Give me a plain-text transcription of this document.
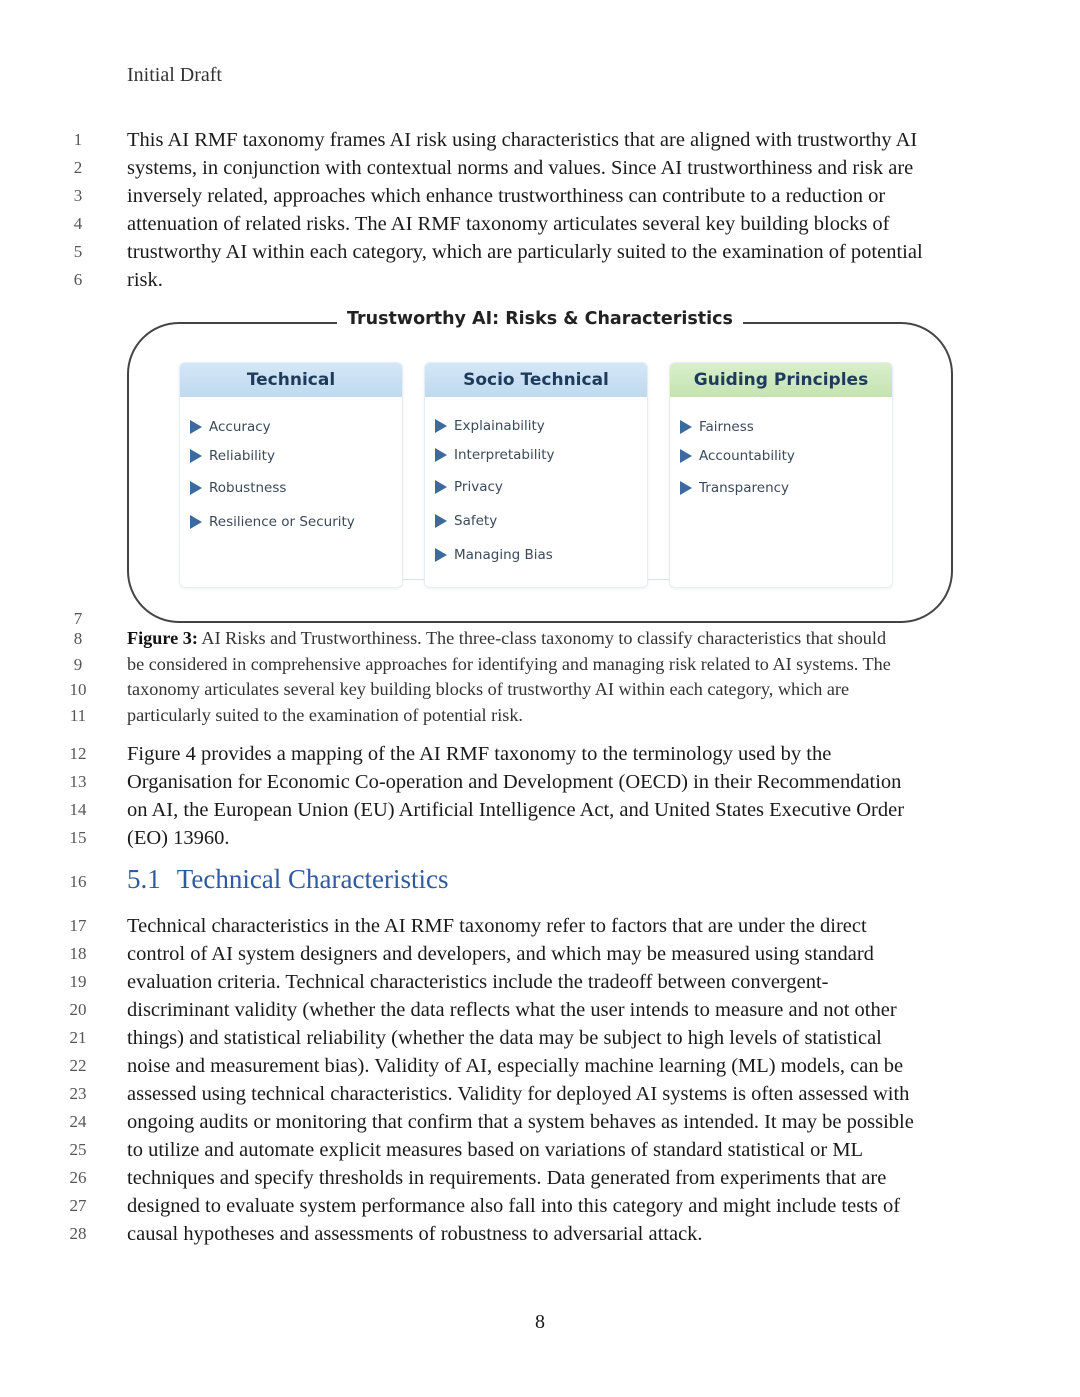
Initial Draft
1	This AI RMF taxonomy frames AI risk using characteristics that are aligned with trustworthy AI
2	systems, in conjunction with contextual norms and values. Since AI trustworthiness and risk are
3	inversely related, approaches which enhance trustworthiness can contribute to a reduction or
4	attenuation of related risks. The AI RMF taxonomy articulates several key building blocks of
5	trustworthy AI within each category, which are particularly suited to the examination of potential
6	risk.
Trustworthy AI: Risks & Characteristics
Technical
Accuracy
Reliability
Robustness
Resilience or Security
Socio Technical
Explainability
Interpretability
Privacy
Safety
Managing Bias
Guiding Principles
Fairness
Accountability
Transparency
7
8	Figure 3: AI Risks and Trustworthiness. The three-class taxonomy to classify characteristics that should
9	be considered in comprehensive approaches for identifying and managing risk related to AI systems. The
10	taxonomy articulates several key building blocks of trustworthy AI within each category, which are
11	particularly suited to the examination of potential risk.
12	Figure 4 provides a mapping of the AI RMF taxonomy to the terminology used by the
13	Organisation for Economic Co-operation and Development (OECD) in their Recommendation
14	on AI, the European Union (EU) Artificial Intelligence Act, and United States Executive Order
15	(EO) 13960.
16	5.1 Technical Characteristics
17	Technical characteristics in the AI RMF taxonomy refer to factors that are under the direct
18	control of AI system designers and developers, and which may be measured using standard
19	evaluation criteria. Technical characteristics include the tradeoff between convergent-
20	discriminant validity (whether the data reflects what the user intends to measure and not other
21	things) and statistical reliability (whether the data may be subject to high levels of statistical
22	noise and measurement bias). Validity of AI, especially machine learning (ML) models, can be
23	assessed using technical characteristics. Validity for deployed AI systems is often assessed with
24	ongoing audits or monitoring that confirm that a system behaves as intended. It may be possible
25	to utilize and automate explicit measures based on variations of standard statistical or ML
26	techniques and specify thresholds in requirements. Data generated from experiments that are
27	designed to evaluate system performance also fall into this category and might include tests of
28	causal hypotheses and assessments of robustness to adversarial attack.
8
